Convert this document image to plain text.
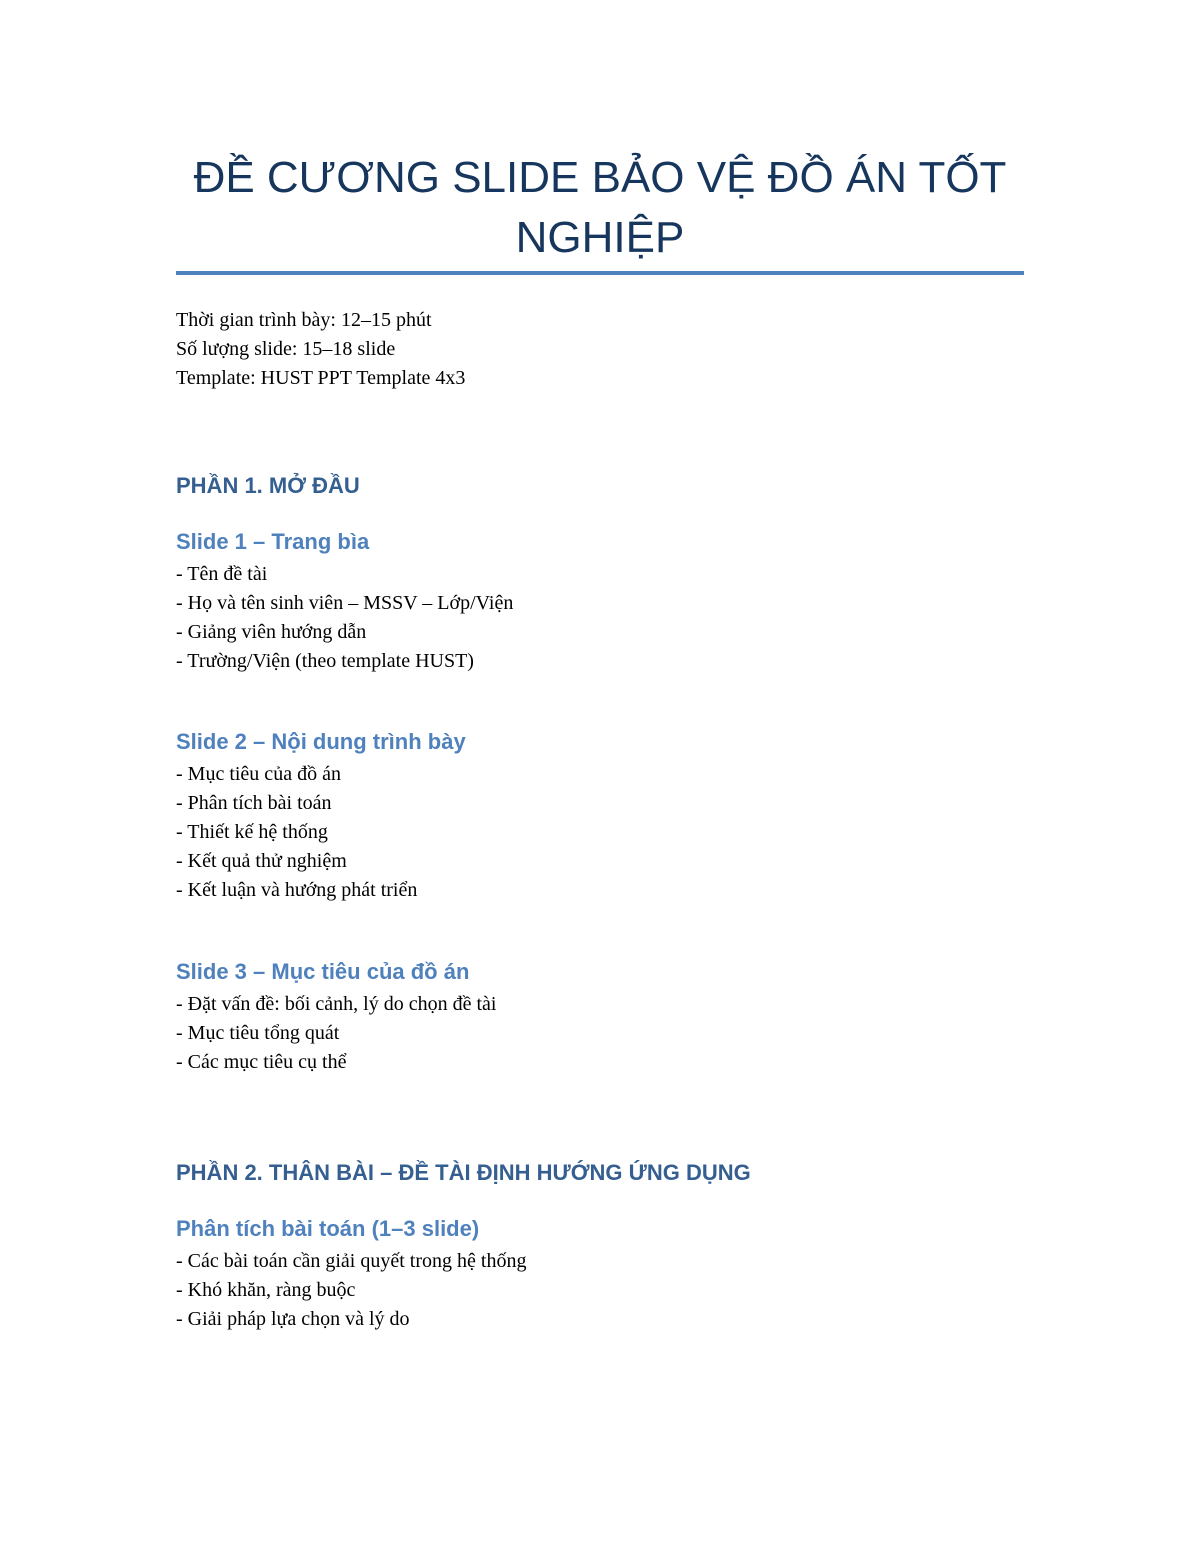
ĐỀ CƯƠNG SLIDE BẢO VỆ ĐỒ ÁN TỐT NGHIỆP

Thời gian trình bày: 12–15 phút

Số lượng slide: 15–18 slide

Template: HUST PPT Template 4x3

PHẦN 1. MỞ ĐẦU
Slide 1 – Trang bìa
- Tên đề tài
- Họ và tên sinh viên – MSSV – Lớp/Viện
- Giảng viên hướng dẫn
- Trường/Viện (theo template HUST)
Slide 2 – Nội dung trình bày
- Mục tiêu của đồ án
- Phân tích bài toán
- Thiết kế hệ thống
- Kết quả thử nghiệm
- Kết luận và hướng phát triển
Slide 3 – Mục tiêu của đồ án
- Đặt vấn đề: bối cảnh, lý do chọn đề tài
- Mục tiêu tổng quát
- Các mục tiêu cụ thể
PHẦN 2. THÂN BÀI – ĐỀ TÀI ĐỊNH HƯỚNG ỨNG DỤNG
Phân tích bài toán (1–3 slide)
- Các bài toán cần giải quyết trong hệ thống
- Khó khăn, ràng buộc
- Giải pháp lựa chọn và lý do
